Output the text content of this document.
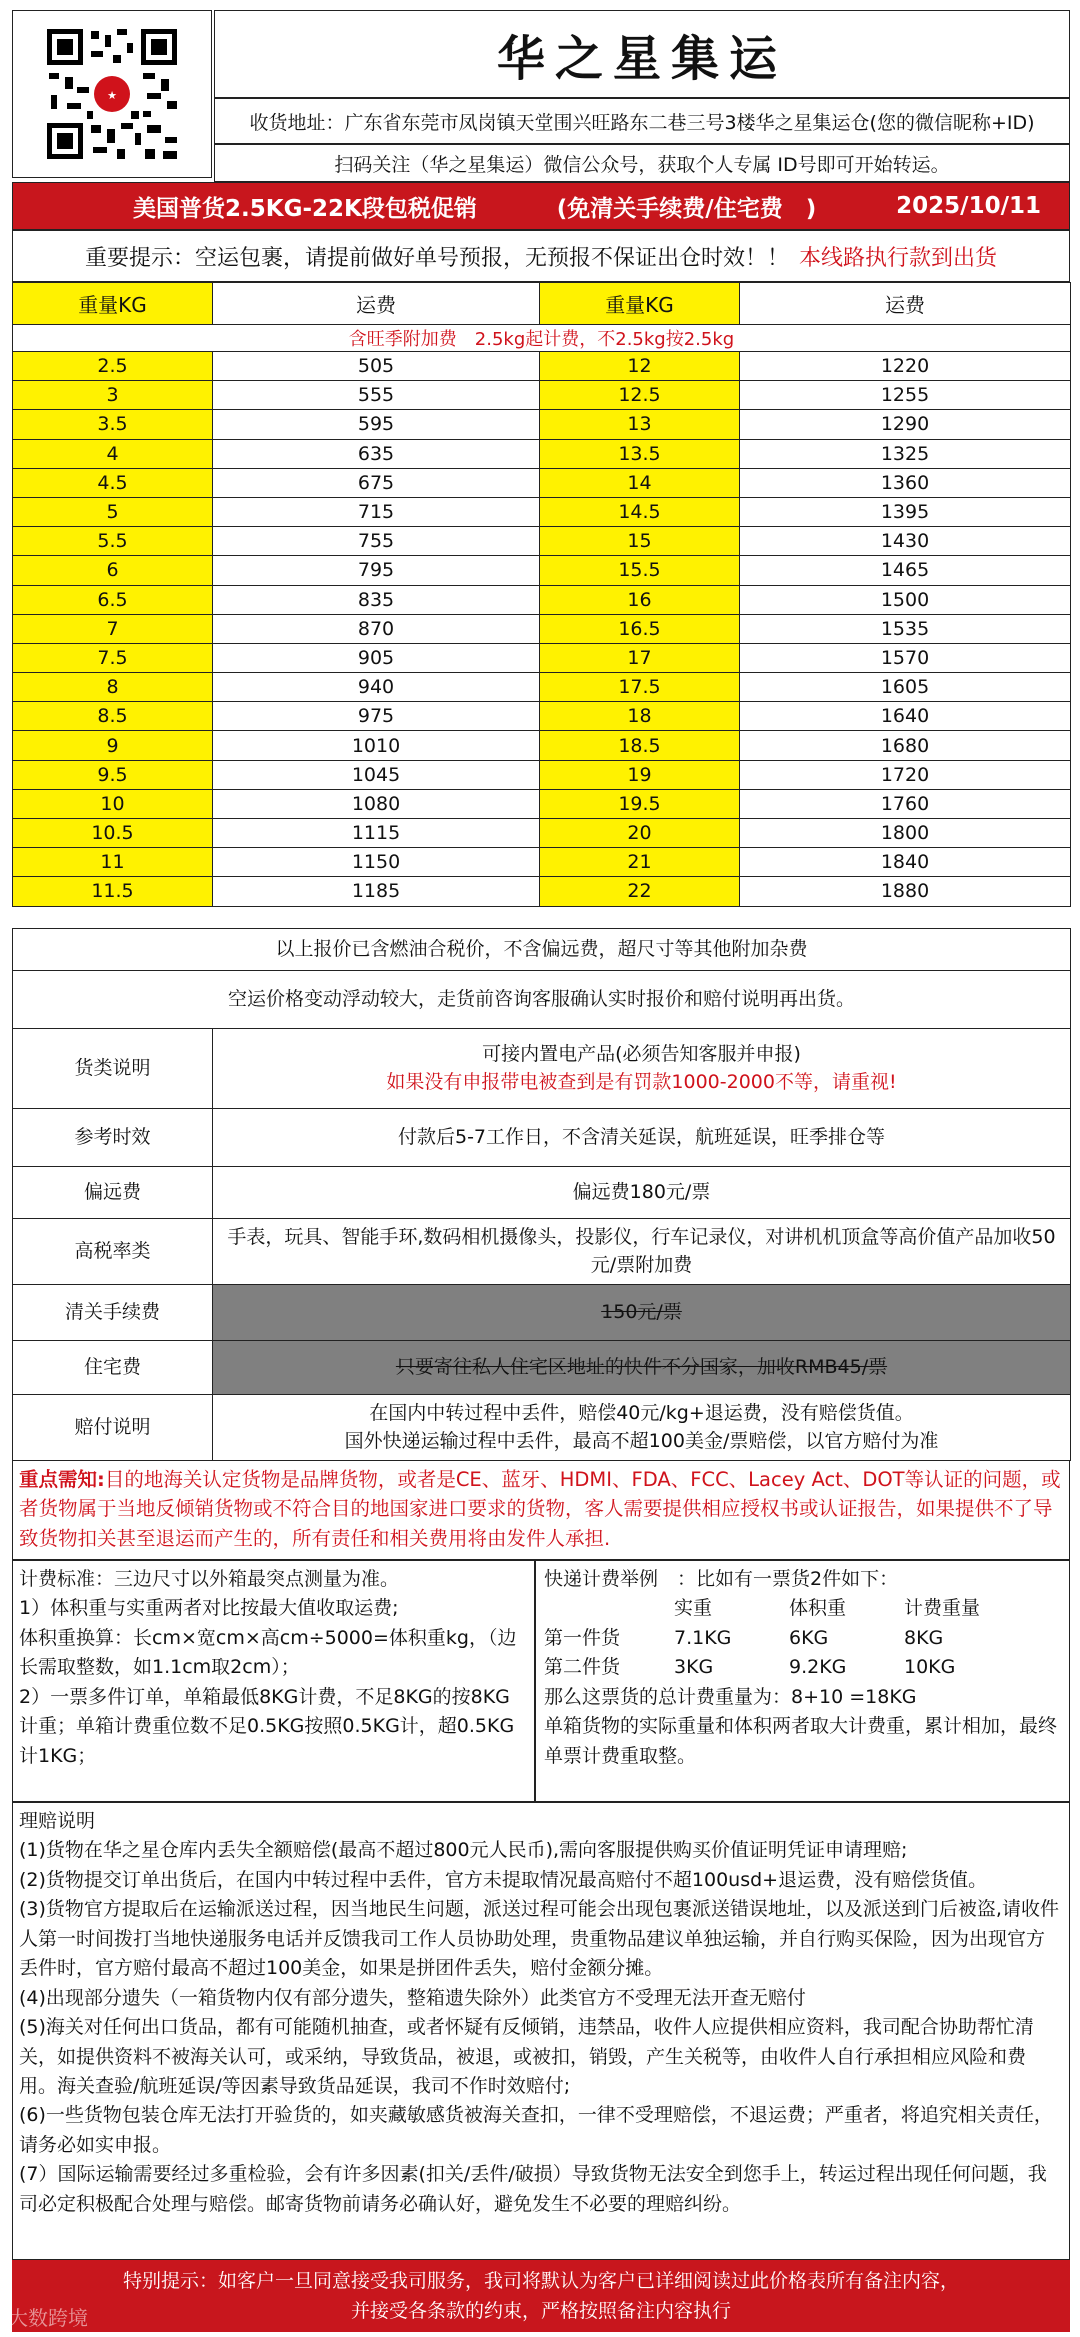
★
华之星集运
收货地址：广东省东莞市凤岗镇天堂围兴旺路东二巷三号3楼华之星集运仓(您的微信昵称+ID)
扫码关注（华之星集运）微信公众号，获取个人专属 ID号即可开始转运。
美国普货2.5KG-22K段包税促销	(免清关手续费/住宅费　)	2025/10/11
重要提示：空运包裹，请提前做好单号预报，无预报不保证出仓时效！！ 本线路执行款到出货
重量KG	运费	重量KG	运费
含旺季附加费　2.5kg起计费，不2.5kg按2.5kg			
2.5	505	12	1220
3	555	12.5	1255
3.5	595	13	1290
4	635	13.5	1325
4.5	675	14	1360
5	715	14.5	1395
5.5	755	15	1430
6	795	15.5	1465
6.5	835	16	1500
7	870	16.5	1535
7.5	905	17	1570
8	940	17.5	1605
8.5	975	18	1640
9	1010	18.5	1680
9.5	1045	19	1720
10	1080	19.5	1760
10.5	1115	20	1800
11	1150	21	1840
11.5	1185	22	1880
以上报价已含燃油合税价，不含偏远费，超尺寸等其他附加杂费	
空运价格变动浮动较大，走货前咨询客服确认实时报价和赔付说明再出货。	
货类说明	可接内置电产品(必须告知客服并申报)
如果没有申报带电被查到是有罚款1000-2000不等，请重视!

参考时效	付款后5-7工作日，不含清关延误，航班延误，旺季排仓等
偏远费	偏远费180元/票
高税率类	手表，玩具、智能手环,数码相机摄像头，投影仪，行车记录仪，对讲机机顶盒等高价值产品加收50元/票附加费
清关手续费	150元/票
住宅费	只要寄往私人住宅区地址的快件不分国家，加收RMB45/票
赔付说明	在国内中转过程中丢件，赔偿40元/kg+退运费，没有赔偿货值。
国外快递运输过程中丢件，最高不超100美金/票赔偿，以官方赔付为准
重点需知:目的地海关认定货物是品牌货物，或者是CE、蓝牙、HDMI、FDA、FCC、Lacey Act、DOT等认证的问题，或者货物属于当地反倾销货物或不符合目的地国家进口要求的货物，客人需要提供相应授权书或认证报告，如果提供不了导致货物扣关甚至退运而产生的，所有责任和相关费用将由发件人承担.
计费标准：三边尺寸以外箱最突点测量为准。
1）体积重与实重两者对比按最大值收取运费;
体积重换算：长cm×宽cm×高cm÷5000=体积重kg，（边长需取整数，如1.1cm取2cm）；
2）一票多件订单，单箱最低8KG计费，不足8KG的按8KG计重；单箱计费重位数不足0.5KG按照0.5KG计，超0.5KG计1KG；
快递计费举例　：比如有一票货2件如下：
实重	体积重	计费重量
第一件货	7.1KG	6KG	8KG
第二件货	3KG	9.2KG	10KG
那么这票货的总计费重量为：8+10 =18KG
单箱货物的实际重量和体积两者取大计费重，累计相加，最终单票计费重取整。
理赔说明
(1)货物在华之星仓库内丢失全额赔偿(最高不超过800元人民币),需向客服提供购买价值证明凭证申请理赔;
(2)货物提交订单出货后，在国内中转过程中丢件，官方未提取情况最高赔付不超100usd+退运费，没有赔偿货值。
(3)货物官方提取后在运输派送过程，因当地民生问题，派送过程可能会出现包裹派送错误地址，以及派送到门后被盗,请收件人第一时间拨打当地快递服务电话并反馈我司工作人员协助处理，贵重物品建议单独运输，并自行购买保险，因为出现官方丢件时，官方赔付最高不超过100美金，如果是拼团件丢失，赔付金额分摊。
(4)出现部分遗失（一箱货物内仅有部分遗失，整箱遗失除外）此类官方不受理无法开查无赔付
(5)海关对任何出口货品，都有可能随机抽查，或者怀疑有反倾销，违禁品，收件人应提供相应资料，我司配合协助帮忙清关，如提供资料不被海关认可，或采纳，导致货品，被退，或被扣，销毁，产生关税等，由收件人自行承担相应风险和费用。海关查验/航班延误/等因素导致货品延误，我司不作时效赔付;
(6)一些货物包装仓库无法打开验货的，如夹藏敏感货被海关查扣，一律不受理赔偿，不退运费；严重者，将追究相关责任，请务必如实申报。
(7）国际运输需要经过多重检验，会有许多因素(扣关/丢件/破损）导致货物无法安全到您手上，转运过程出现任何问题，我司必定积极配合处理与赔偿。邮寄货物前请务必确认好，避免发生不必要的理赔纠纷。
特别提示：如客户一旦同意接受我司服务，我司将默认为客户已详细阅读过此价格表所有备注内容，
并接受各条款的约束，严格按照备注内容执行
大数跨境
